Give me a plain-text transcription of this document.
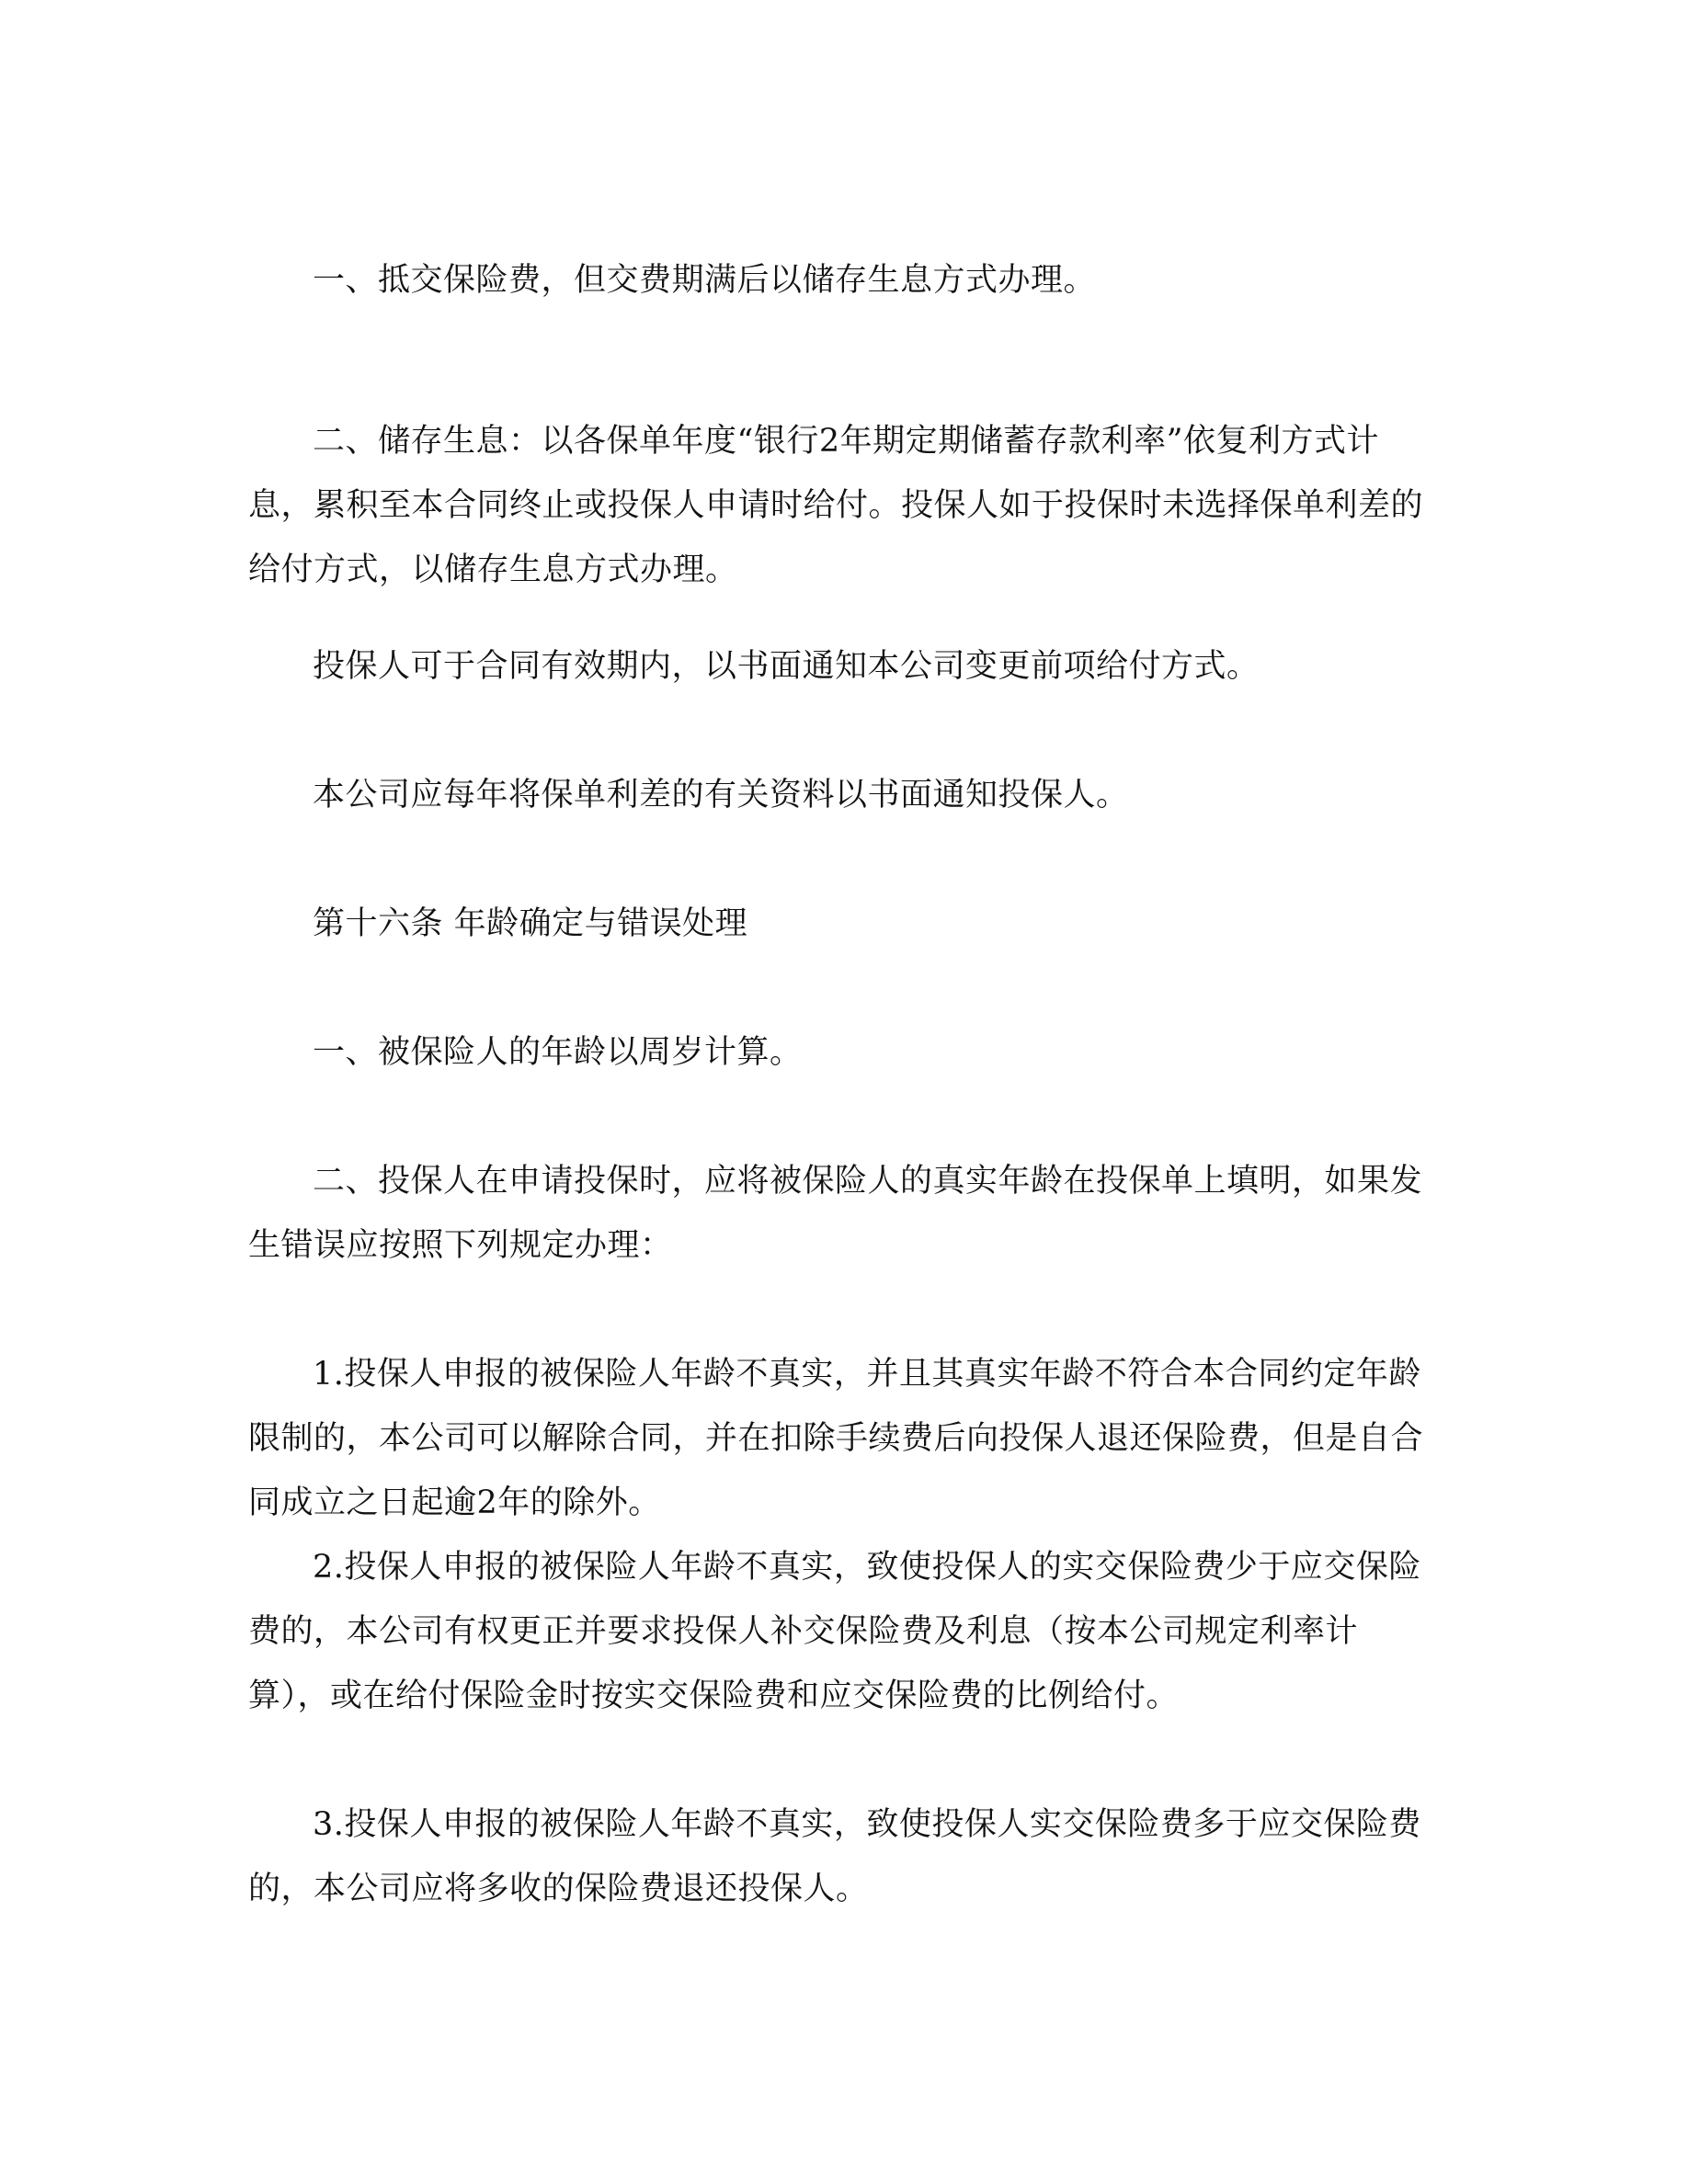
一、抵交保险费，但交费期满后以储存生息方式办理。

二、储存生息：以各保单年度“银行2年期定期储蓄存款利率”依复利方式计息，累积至本合同终止或投保人申请时给付。投保人如于投保时未选择保单利差的给付方式，以储存生息方式办理。

投保人可于合同有效期内，以书面通知本公司变更前项给付方式。

本公司应每年将保单利差的有关资料以书面通知投保人。

第十六条 年龄确定与错误处理

一、被保险人的年龄以周岁计算。

二、投保人在申请投保时，应将被保险人的真实年龄在投保单上填明，如果发生错误应按照下列规定办理：

1.投保人申报的被保险人年龄不真实，并且其真实年龄不符合本合同约定年龄限制的，本公司可以解除合同，并在扣除手续费后向投保人退还保险费，但是自合同成立之日起逾2年的除外。

2.投保人申报的被保险人年龄不真实，致使投保人的实交保险费少于应交保险费的，本公司有权更正并要求投保人补交保险费及利息（按本公司规定利率计算），或在给付保险金时按实交保险费和应交保险费的比例给付。

3.投保人申报的被保险人年龄不真实，致使投保人实交保险费多于应交保险费的，本公司应将多收的保险费退还投保人。
